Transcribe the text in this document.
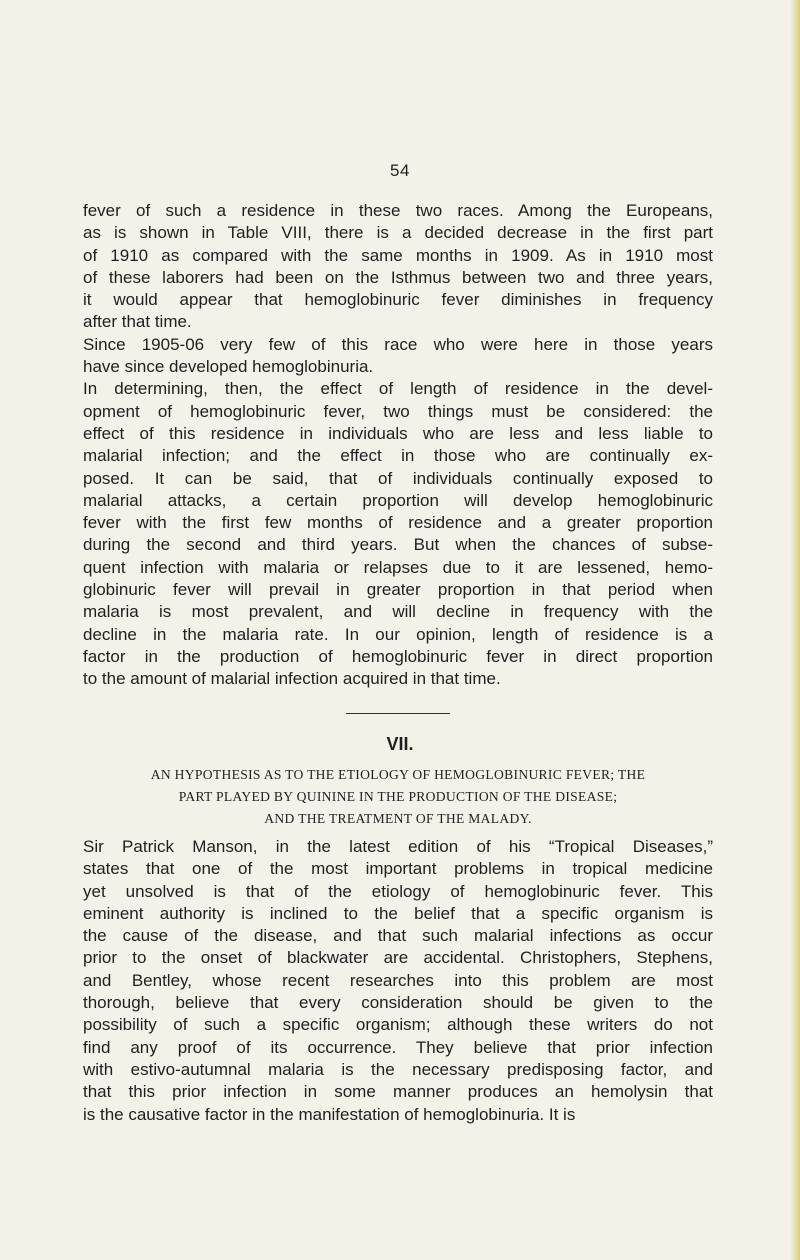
54

fever of such a residence in these two races. Among the Europeans,
as is shown in Table VIII, there is a decided decrease in the first part
of 1910 as compared with the same months in 1909. As in 1910 most
of these laborers had been on the Isthmus between two and three years,
it would appear that hemoglobinuric fever diminishes in frequency
after that time.

Since 1905-06 very few of this race who were here in those years
have since developed hemoglobinuria.

In determining, then, the effect of length of residence in the devel-
opment of hemoglobinuric fever, two things must be considered: the
effect of this residence in individuals who are less and less liable to
malarial infection; and the effect in those who are continually ex-
posed. It can be said, that of individuals continually exposed to
malarial attacks, a certain proportion will develop hemoglobinuric
fever with the first few months of residence and a greater proportion
during the second and third years. But when the chances of subse-
quent infection with malaria or relapses due to it are lessened, hemo-
globinuric fever will prevail in greater proportion in that period when
malaria is most prevalent, and will decline in frequency with the
decline in the malaria rate. In our opinion, length of residence is a
factor in the production of hemoglobinuric fever in direct proportion
to the amount of malarial infection acquired in that time.

VII.
AN HYPOTHESIS AS TO THE ETIOLOGY OF HEMOGLOBINURIC FEVER; THE
PART PLAYED BY QUININE IN THE PRODUCTION OF THE DISEASE;
AND THE TREATMENT OF THE MALADY.

Sir Patrick Manson, in the latest edition of his “Tropical Diseases,”
states that one of the most important problems in tropical medicine
yet unsolved is that of the etiology of hemoglobinuric fever. This
eminent authority is inclined to the belief that a specific organism is
the cause of the disease, and that such malarial infections as occur
prior to the onset of blackwater are accidental. Christophers, Stephens,
and Bentley, whose recent researches into this problem are most
thorough, believe that every consideration should be given to the
possibility of such a specific organism; although these writers do not
find any proof of its occurrence. They believe that prior infection
with estivo-autumnal malaria is the necessary predisposing factor, and
that this prior infection in some manner produces an hemolysin that
is the causative factor in the manifestation of hemoglobinuria. It is
